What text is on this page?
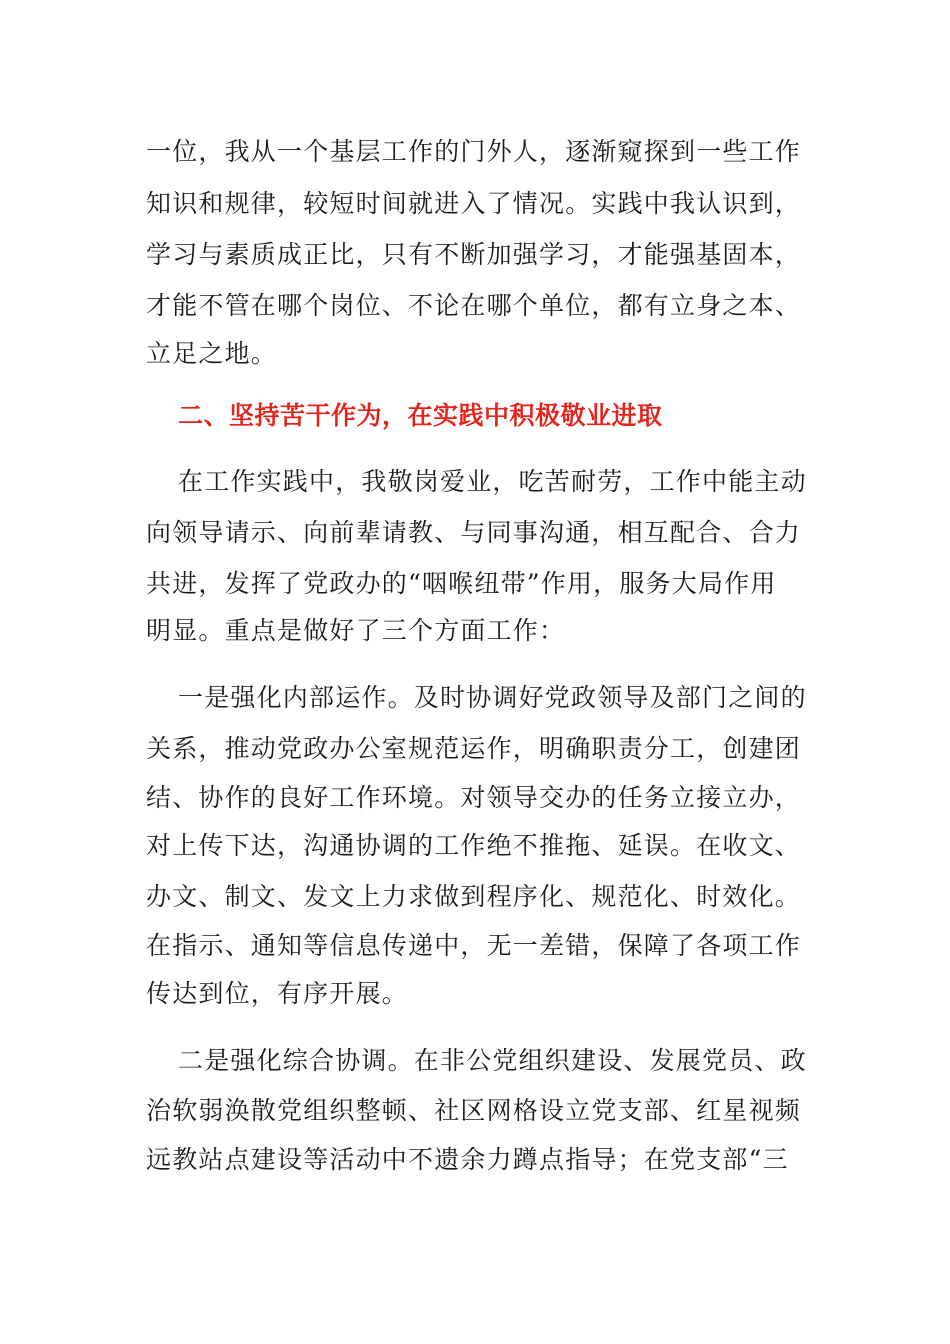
一位，我从一个基层工作的门外人，逐渐窥探到一些工作
知识和规律，较短时间就进入了情况。实践中我认识到，
学习与素质成正比，只有不断加强学习，才能强基固本，
才能不管在哪个岗位、不论在哪个单位，都有立身之本、
立足之地。
二、坚持苦干作为，在实践中积极敬业进取
在工作实践中，我敬岗爱业，吃苦耐劳，工作中能主动
向领导请示、向前辈请教、与同事沟通，相互配合、合力
共进，发挥了党政办的“咽喉纽带”作用，服务大局作用
明显。重点是做好了三个方面工作：
一是强化内部运作。及时协调好党政领导及部门之间的
关系，推动党政办公室规范运作，明确职责分工，创建团
结、协作的良好工作环境。对领导交办的任务立接立办，
对上传下达，沟通协调的工作绝不推拖、延误。在收文、
办文、制文、发文上力求做到程序化、规范化、时效化。
在指示、通知等信息传递中，无一差错，保障了各项工作
传达到位，有序开展。
二是强化综合协调。在非公党组织建设、发展党员、政
治软弱涣散党组织整顿、社区网格设立党支部、红星视频
远教站点建设等活动中不遗余力蹲点指导；在党支部“三
